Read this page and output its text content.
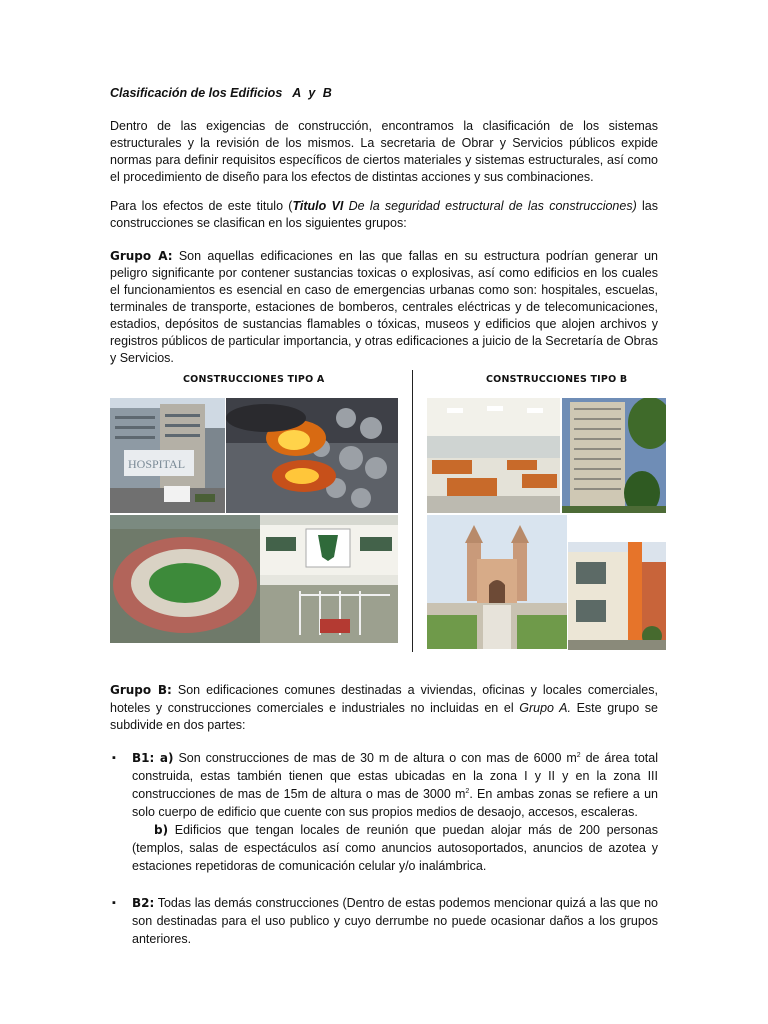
Clasificación de los Edificios A y B

Dentro de las exigencias de construcción, encontramos la clasificación de los sistemas estructurales y la revisión de los mismos. La secretaria de Obrar y Servicios públicos expide normas para definir requisitos específicos de ciertos materiales y sistemas estructurales, así como el procedimiento de diseño para los efectos de distintas acciones y sus combinaciones.

Para los efectos de este titulo (Titulo VI De la seguridad estructural de las construcciones) las construcciones se clasifican en los siguientes grupos:

Grupo A: Son aquellas edificaciones en las que fallas en su estructura podrían generar un peligro significante por contener sustancias toxicas o explosivas, así como edificios en los cuales el funcionamientos es esencial en caso de emergencias urbanas como son: hospitales, escuelas, terminales de transporte, estaciones de bomberos, centrales eléctricas y de telecomunicaciones, estadios, depósitos de sustancias flamables o tóxicas, museos y edificios que alojen archivos y registros públicos de particular importancia, y otras edificaciones a juicio de la Secretaría de Obras y Servicios.

CONSTRUCCIONES TIPO A	CONSTRUCCIONES TIPO B
HOSPITAL

Grupo B: Son edificaciones comunes destinadas a viviendas, oficinas y locales comerciales, hoteles y construcciones comerciales e industriales no incluidas en el Grupo A. Este grupo se subdivide en dos partes:

▪ B1: a) Son construcciones de mas de 30 m de altura o con mas de 6000 $m^2$ de área total construida, estas también tienen que estas ubicadas en la zona I y II y en la zona III construcciones de mas de 15m de altura o mas de 3000 $m^2$. En ambas zonas se refiere a un solo cuerpo de edificio que cuente con sus propios medios de desaojo, accesos, escaleras.

b) Edificios que tengan locales de reunión que puedan alojar más de 200 personas (templos, salas de espectáculos así como anuncios autosoportados, anuncios de azotea y estaciones repetidoras de comunicación celular y/o inalámbrica.

▪ B2: Todas las demás construcciones (Dentro de estas podemos mencionar quizá a las que no son destinadas para el uso publico y cuyo derrumbe no puede ocasionar daños a los grupos anteriores.
